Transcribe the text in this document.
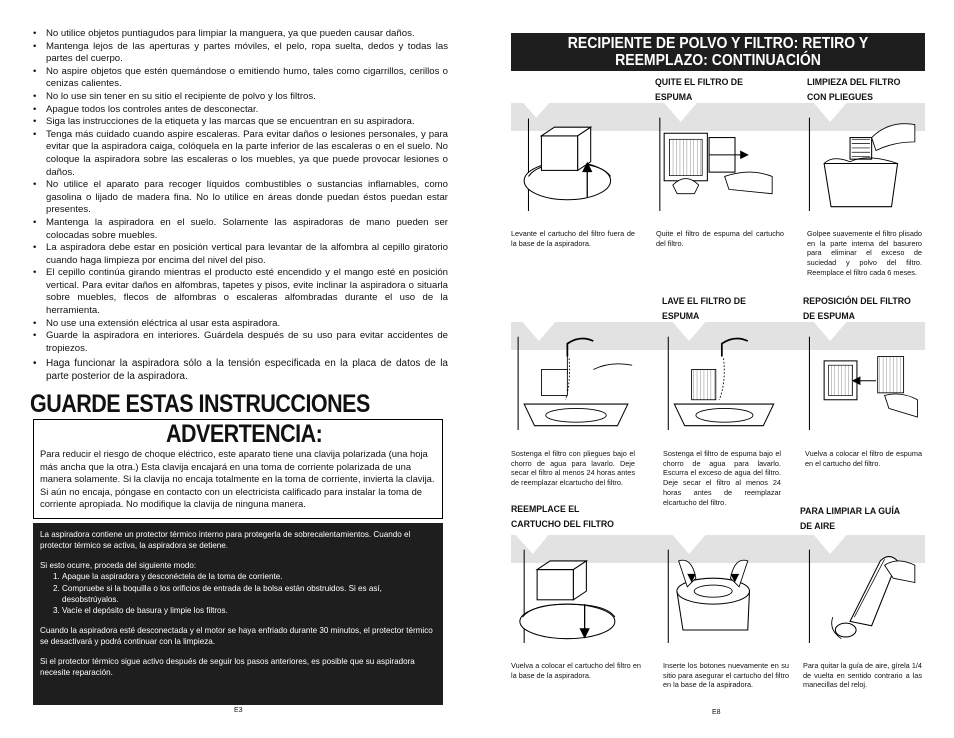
• No utilice objetos puntiagudos para limpiar la manguera, ya que pueden causar daños.
• Mantenga lejos de las aperturas y partes móviles, el pelo, ropa suelta, dedos y todas las partes del cuerpo.
• No aspire objetos que estén quemándose o emitiendo humo, tales como cigarrillos, cerillos o cenizas calientes.
• No lo use sin tener en su sitio el recipiente de polvo y los filtros.
• Apague todos los controles antes de desconectar.
• Siga las instrucciones de la etiqueta y las marcas que se encuentran en su aspiradora.
• Tenga más cuidado cuando aspire escaleras. Para evitar daños o lesiones personales, y para evitar que la aspiradora caiga, colóquela en la parte inferior de las escaleras o en el suelo. No coloque la aspiradora sobre las escaleras o los muebles, ya que puede provocar lesiones o daños.
• No utilice el aparato para recoger líquidos combustibles o sustancias inflamables, como gasolina o lijado de madera fina. No lo utilice en áreas donde puedan éstos puedan estar presentes.
• Mantenga la aspiradora en el suelo. Solamente las aspiradoras de mano pueden ser colocadas sobre muebles.
• La aspiradora debe estar en posición vertical para levantar de la alfombra al cepillo giratorio cuando haga limpieza por encima del nivel del piso.
• El cepillo continúa girando mientras el producto esté encendido y el mango esté en posición vertical. Para evitar daños en alfombras, tapetes y pisos, evite inclinar la aspiradora o situarla sobre muebles, flecos de alfombras o escaleras alfombradas durante el uso de la herramienta.
• No use una extensión eléctrica al usar esta aspiradora.
• Guarde la aspiradora en interiores. Guárdela después de su uso para evitar accidentes de tropiezos.
• Haga funcionar la aspiradora sólo a la tensión especificada en la placa de datos de la parte posterior de la aspiradora.
GUARDE ESTAS INSTRUCCIONES
ADVERTENCIA:
Para reducir el riesgo de choque eléctrico, este aparato tiene una clavija polarizada (una hoja más ancha que la otra.) Esta clavija encajará en una toma de corriente polarizada de una manera solamente. Si la clavija no encaja totalmente en la toma de corriente, invierta la clavija. Si aún no encaja, póngase en contacto con un electricista calificado para instalar la toma de corriente apropiada. No modifique la clavija de ninguna manera.

La aspiradora contiene un protector térmico interno para protegerla de sobrecalentamientos. Cuando el protector térmico se activa, la aspiradora se detiene.

Si esto ocurre, proceda del siguiente modo:

1. Apague la aspiradora y desconéctela de la toma de corriente.
2. Compruebe si la boquilla o los orificios de entrada de la bolsa están obstruidos. Si es así, desobstrúyalos.
3. Vacíe el depósito de basura y limpie los filtros.

Cuando la aspiradora esté desconectada y el motor se haya enfriado durante 30 minutos, el protector térmico se desactivará y podrá continuar con la limpieza.

Si el protector térmico sigue activo después de seguir los pasos anteriores, es posible que su aspiradora necesite reparación.

E3
RECIPIENTE DE POLVO Y FILTRO: RETIRO Y REEMPLAZO: CONTINUACIÓN
QUITE EL FILTRO DE ESPUMA
LIMPIEZA DEL FILTRO CON PLIEGUES
Levante el cartucho del filtro fuera de la base de la aspiradora.
Quite el filtro de espuma del cartucho del filtro.
Golpee suavemente el filtro plisado en la parte interna del basurero para eliminar el exceso de suciedad y polvo del filtro. Reemplace el filtro cada 6 meses.
LAVE EL FILTRO DE ESPUMA
REPOSICIÓN DEL FILTRO DE ESPUMA
Sostenga el filtro con pliegues bajo el chorro de agua para lavarlo. Deje secar el filtro al menos 24 horas antes de reemplazar elcartucho del filtro.
Sostenga el filtro de espuma bajo el chorro de agua para lavarlo. Escurra el exceso de agua del filtro. Deje secar el filtro al menos 24 horas antes de reemplazar elcartucho del filtro.
Vuelva a colocar el filtro de espuma en el cartucho del filtro.
REEMPLACE EL CARTUCHO DEL FILTRO
PARA LIMPIAR LA GUÍA DE AIRE
Vuelva a colocar el cartucho del filtro en la base de la aspiradora.
Inserte los botones nuevamente en su sitio para asegurar el cartucho del filtro en la base de la aspiradora.
Para quitar la guía de aire, gírela 1/4 de vuelta en sentido contrario a las manecillas del reloj.
E8
